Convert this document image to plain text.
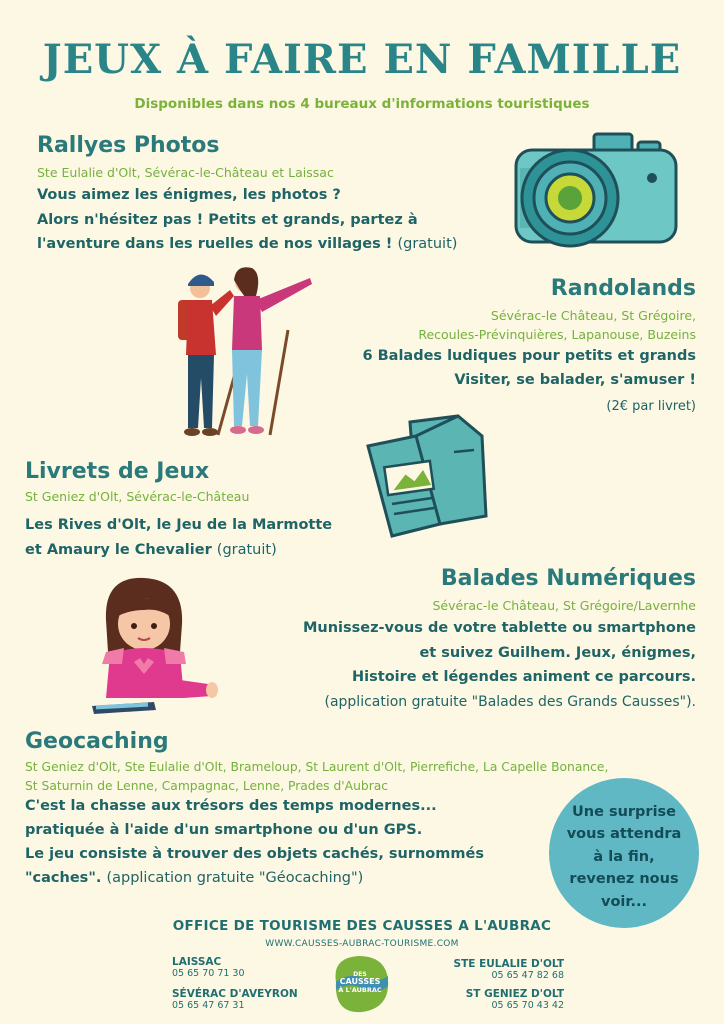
JEUX À FAIRE EN FAMILLE
Disponibles dans nos 4 bureaux d'informations touristiques
Rallyes Photos
Ste Eulalie d'Olt, Sévérac-le-Château et Laissac
Vous aimez les énigmes, les photos ?
Alors n'hésitez pas ! Petits et grands, partez à
l'aventure dans les ruelles de nos villages ! (gratuit)
Randolands
Sévérac-le Château, St Grégoire,
Recoules-Prévinquières, Lapanouse, Buzeins
6 Balades ludiques pour petits et grands
Visiter, se balader, s'amuser !
(2€ par livret)
Livrets de Jeux
St Geniez d'Olt, Sévérac-le-Château
Les Rives d'Olt, le Jeu de la Marmotte
et Amaury le Chevalier (gratuit)
Balades Numériques
Sévérac-le Château, St Grégoire/Lavernhe
Munissez-vous de votre tablette ou smartphone
et suivez Guilhem. Jeux, énigmes,
Histoire et légendes animent ce parcours.
(application gratuite "Balades des Grands Causses").
Geocaching
St Geniez d'Olt, Ste Eulalie d'Olt, Brameloup, St Laurent d'Olt, Pierrefiche, La Capelle Bonance,
St Saturnin de Lenne, Campagnac, Lenne, Prades d'Aubrac
C'est la chasse aux trésors des temps modernes...
pratiquée à l'aide d'un smartphone ou d'un GPS.
Le jeu consiste à trouver des objets cachés, surnommés
"caches". (application gratuite "Géocaching")
Une surprise
vous attendra
à la fin,
revenez nous
voir...
OFFICE DE TOURISME DES CAUSSES A L'AUBRAC
WWW.CAUSSES-AUBRAC-TOURISME.COM
LAISSAC
05 65 70 71 30
SÉVÉRAC D'AVEYRON
05 65 47 67 31
STE EULALIE D'OLT
05 65 47 82 68
ST GENIEZ D'OLT
05 65 70 43 42
DES
CAUSSES
À L'AUBRAC
